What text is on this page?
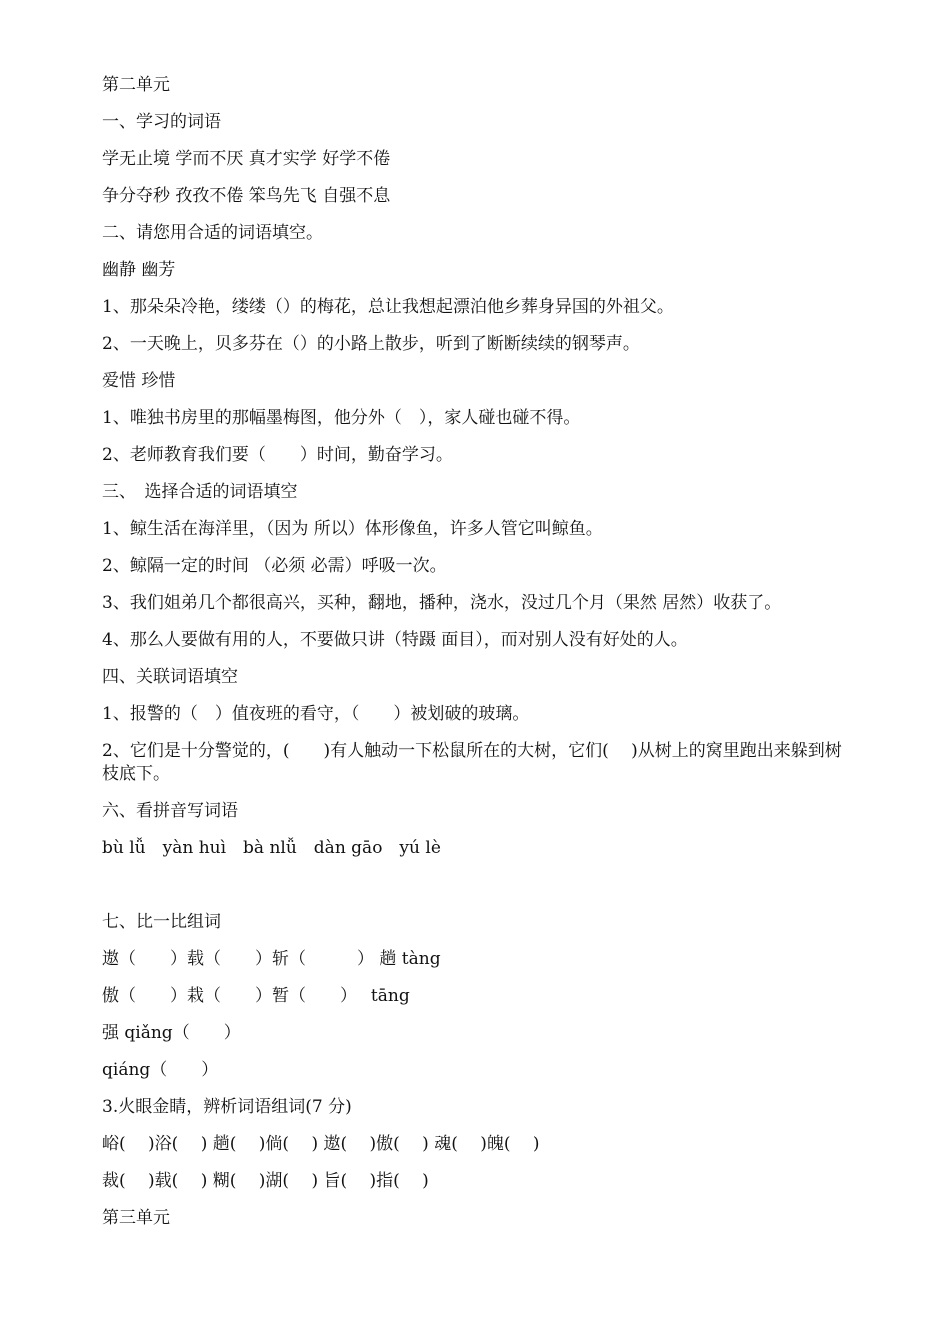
第二单元
一、学习的词语
学无止境 学而不厌 真才实学 好学不倦
争分夺秒 孜孜不倦 笨鸟先飞 自强不息
二、请您用合适的词语填空。
幽静 幽芳
1、那朵朵冷艳，缕缕（）的梅花，总让我想起漂泊他乡葬身异国的外祖父。
2、一天晚上，贝多芬在（）的小路上散步，听到了断断续续的钢琴声。
爱惜 珍惜
1、唯独书房里的那幅墨梅图，他分外（　），家人碰也碰不得。
2、老师教育我们要（　　）时间，勤奋学习。
三、　选择合适的词语填空
1、鲸生活在海洋里，（因为 所以）体形像鱼，许多人管它叫鲸鱼。
2、鲸隔一定的时间 （必须 必需）呼吸一次。
3、我们姐弟几个都很高兴，买种，翻地，播种，浇水，没过几个月（果然 居然）收获了。
4、那么人要做有用的人，不要做只讲（特蹑 面目），而对别人没有好处的人。
四、关联词语填空
1、报警的（　）值夜班的看守，（　　）被划破的玻璃。
2、它们是十分警觉的，(　　)有人触动一下松鼠所在的大树，它们(　 )从树上的窝里跑出来躲到树枝底下。
六、看拼音写词语
bù lǚ　yàn huì　bà nlǚ　dàn gāo　yú lè
七、比一比组词
遨（　　）载（　　）斩（　　　） 趟 tàng
傲（　　）栽（　　）暂（　　）　 tāng
强 qiǎng（　　）
qiáng（　　）
3.火眼金睛，辨析词语组词(7 分)
峪(　 )浴(　 ) 趟(　 )倘(　 ) 遨(　 )傲(　 ) 魂(　 )魄(　 )
裁(　 )载(　 ) 糊(　 )湖(　 ) 旨(　 )指(　 )
第三单元
